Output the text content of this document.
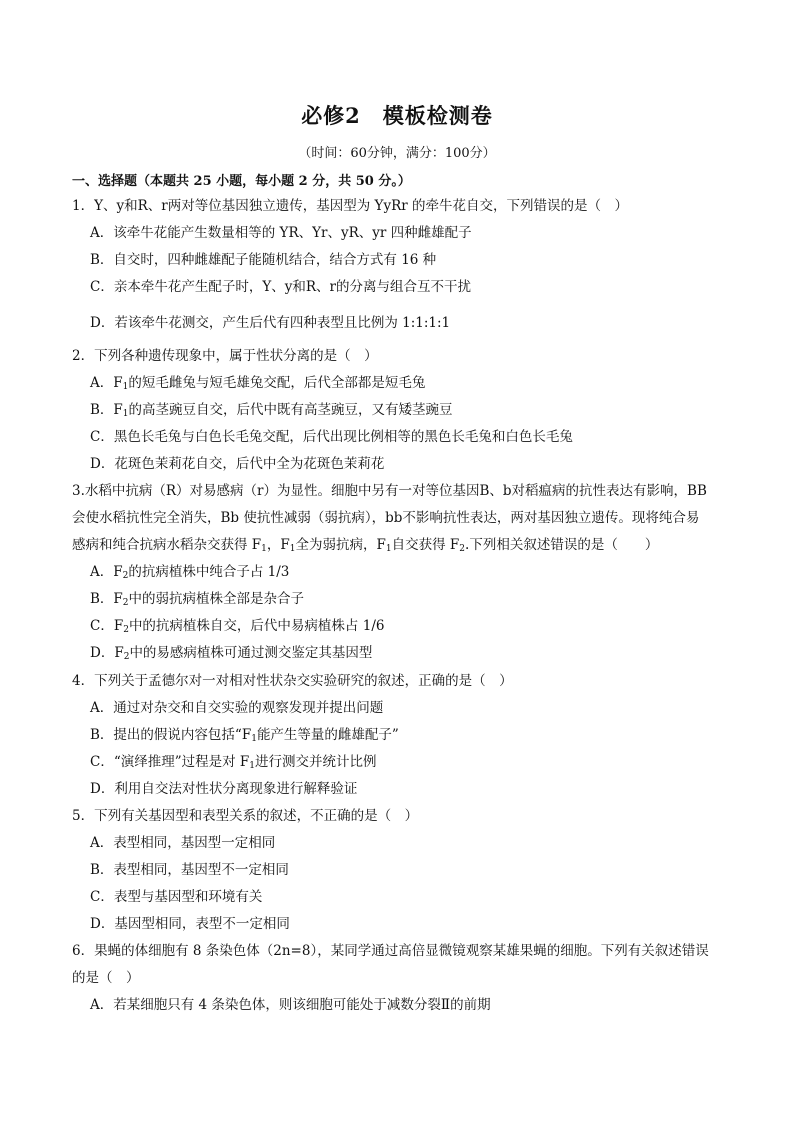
必修2　模板检测卷
（时间：60分钟，满分：100分）
一、选择题（本题共 25 小题，每小题 2 分，共 50 分。）
1．Y、y和R、r两对等位基因独立遗传，基因型为 YyRr 的牵牛花自交，下列错误的是（　）
A．该牵牛花能产生数量相等的 YR、Yr、yR、yr 四种雌雄配子
B．自交时，四种雌雄配子能随机结合，结合方式有 16 种
C．亲本牵牛花产生配子时，Y、y和R、r的分离与组合互不干扰
D．若该牵牛花测交，产生后代有四种表型且比例为 1:1:1:1
2．下列各种遗传现象中，属于性状分离的是（　）
A．$F_1$的短毛雌兔与短毛雄兔交配，后代全部都是短毛兔
B．$F_1$的高茎豌豆自交，后代中既有高茎豌豆，又有矮茎豌豆
C．黑色长毛兔与白色长毛兔交配，后代出现比例相等的黑色长毛兔和白色长毛兔
D．花斑色茉莉花自交，后代中全为花斑色茉莉花
3.水稻中抗病（R）对易感病（r）为显性。细胞中另有一对等位基因B、b对稻瘟病的抗性表达有影响，BB
会使水稻抗性完全消失，Bb 使抗性减弱（弱抗病），bb不影响抗性表达，两对基因独立遗传。现将纯合易
感病和纯合抗病水稻杂交获得 $F_1$，$F_1$全为弱抗病，$F_1$自交获得 $F_2$.下列相关叙述错误的是（　　）
A．$F_2$的抗病植株中纯合子占 1/3
B．$F_2$中的弱抗病植株全部是杂合子
C．$F_2$中的抗病植株自交，后代中易病植株占 1/6
D．$F_2$中的易感病植株可通过测交鉴定其基因型
4．下列关于孟德尔对一对相对性状杂交实验研究的叙述，正确的是（　）
A．通过对杂交和自交实验的观察发现并提出问题
B．提出的假说内容包括“$F_1$能产生等量的雌雄配子”
C．“演绎推理”过程是对 $F_1$进行测交并统计比例
D．利用自交法对性状分离现象进行解释验证
5．下列有关基因型和表型关系的叙述，不正确的是（　）
A．表型相同，基因型一定相同
B．表型相同，基因型不一定相同
C．表型与基因型和环境有关
D．基因型相同，表型不一定相同
6．果蝇的体细胞有 8 条染色体（2n=8），某同学通过高倍显微镜观察某雄果蝇的细胞。下列有关叙述错误
的是（　）
A．若某细胞只有 4 条染色体，则该细胞可能处于减数分裂Ⅱ的前期
